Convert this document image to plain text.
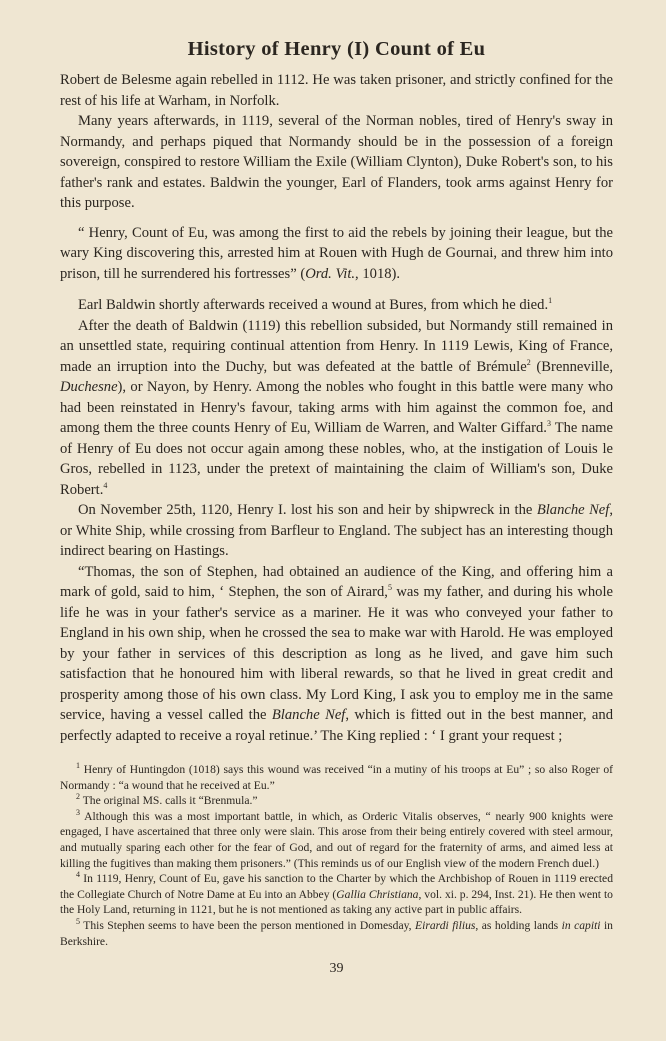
History of Henry (I) Count of Eu

Robert de Belesme again rebelled in 1112. He was taken prisoner, and strictly confined for the rest of his life at Warham, in Norfolk.

Many years afterwards, in 1119, several of the Norman nobles, tired of Henry's sway in Normandy, and perhaps piqued that Normandy should be in the possession of a foreign sovereign, conspired to restore William the Exile (William Clynton), Duke Robert's son, to his father's rank and estates. Baldwin the younger, Earl of Flanders, took arms against Henry for this purpose.

“ Henry, Count of Eu, was among the first to aid the rebels by joining their league, but the wary King discovering this, arrested him at Rouen with Hugh de Gournai, and threw him into prison, till he surrendered his fortresses” (Ord. Vit., 1018).

Earl Baldwin shortly afterwards received a wound at Bures, from which he died.$^1$

After the death of Baldwin (1119) this rebellion subsided, but Normandy still remained in an unsettled state, requiring continual attention from Henry. In 1119 Lewis, King of France, made an irruption into the Duchy, but was defeated at the battle of Brémule$^2$ (Brenneville, Duchesne), or Nayon, by Henry. Among the nobles who fought in this battle were many who had been reinstated in Henry's favour, taking arms with him against the common foe, and among them the three counts Henry of Eu, William de Warren, and Walter Giffard.$^3$ The name of Henry of Eu does not occur again among these nobles, who, at the instigation of Louis le Gros, rebelled in 1123, under the pretext of maintaining the claim of William's son, Duke Robert.$^4$

On November 25th, 1120, Henry I. lost his son and heir by shipwreck in the Blanche Nef, or White Ship, while crossing from Barfleur to England. The subject has an interesting though indirect bearing on Hastings.

“Thomas, the son of Stephen, had obtained an audience of the King, and offering him a mark of gold, said to him, ‘ Stephen, the son of Airard,$^5$ was my father, and during his whole life he was in your father's service as a mariner. He it was who conveyed your father to England in his own ship, when he crossed the sea to make war with Harold. He was employed by your father in services of this description as long as he lived, and gave him such satisfaction that he honoured him with liberal rewards, so that he lived in great credit and prosperity among those of his own class. My Lord King, I ask you to employ me in the same service, having a vessel called the Blanche Nef, which is fitted out in the best manner, and perfectly adapted to receive a royal retinue.’ The King replied : ‘ I grant your request ;

$^1$ Henry of Huntingdon (1018) says this wound was received “in a mutiny of his troops at Eu” ; so also Roger of Normandy : “a wound that he received at Eu.”

$^2$ The original MS. calls it “Brenmula.”

$^3$ Although this was a most important battle, in which, as Orderic Vitalis observes, “ nearly 900 knights were engaged, I have ascertained that three only were slain. This arose from their being entirely covered with steel armour, and mutually sparing each other for the fear of God, and out of regard for the fraternity of arms, and aimed less at killing the fugitives than making them prisoners.” (This reminds us of our English view of the modern French duel.)

$^4$ In 1119, Henry, Count of Eu, gave his sanction to the Charter by which the Archbishop of Rouen in 1119 erected the Collegiate Church of Notre Dame at Eu into an Abbey (Gallia Christiana, vol. xi. p. 294, Inst. 21). He then went to the Holy Land, returning in 1121, but he is not mentioned as taking any active part in public affairs.

$^5$ This Stephen seems to have been the person mentioned in Domesday, Eirardi filius, as holding lands in capiti in Berkshire.

39
